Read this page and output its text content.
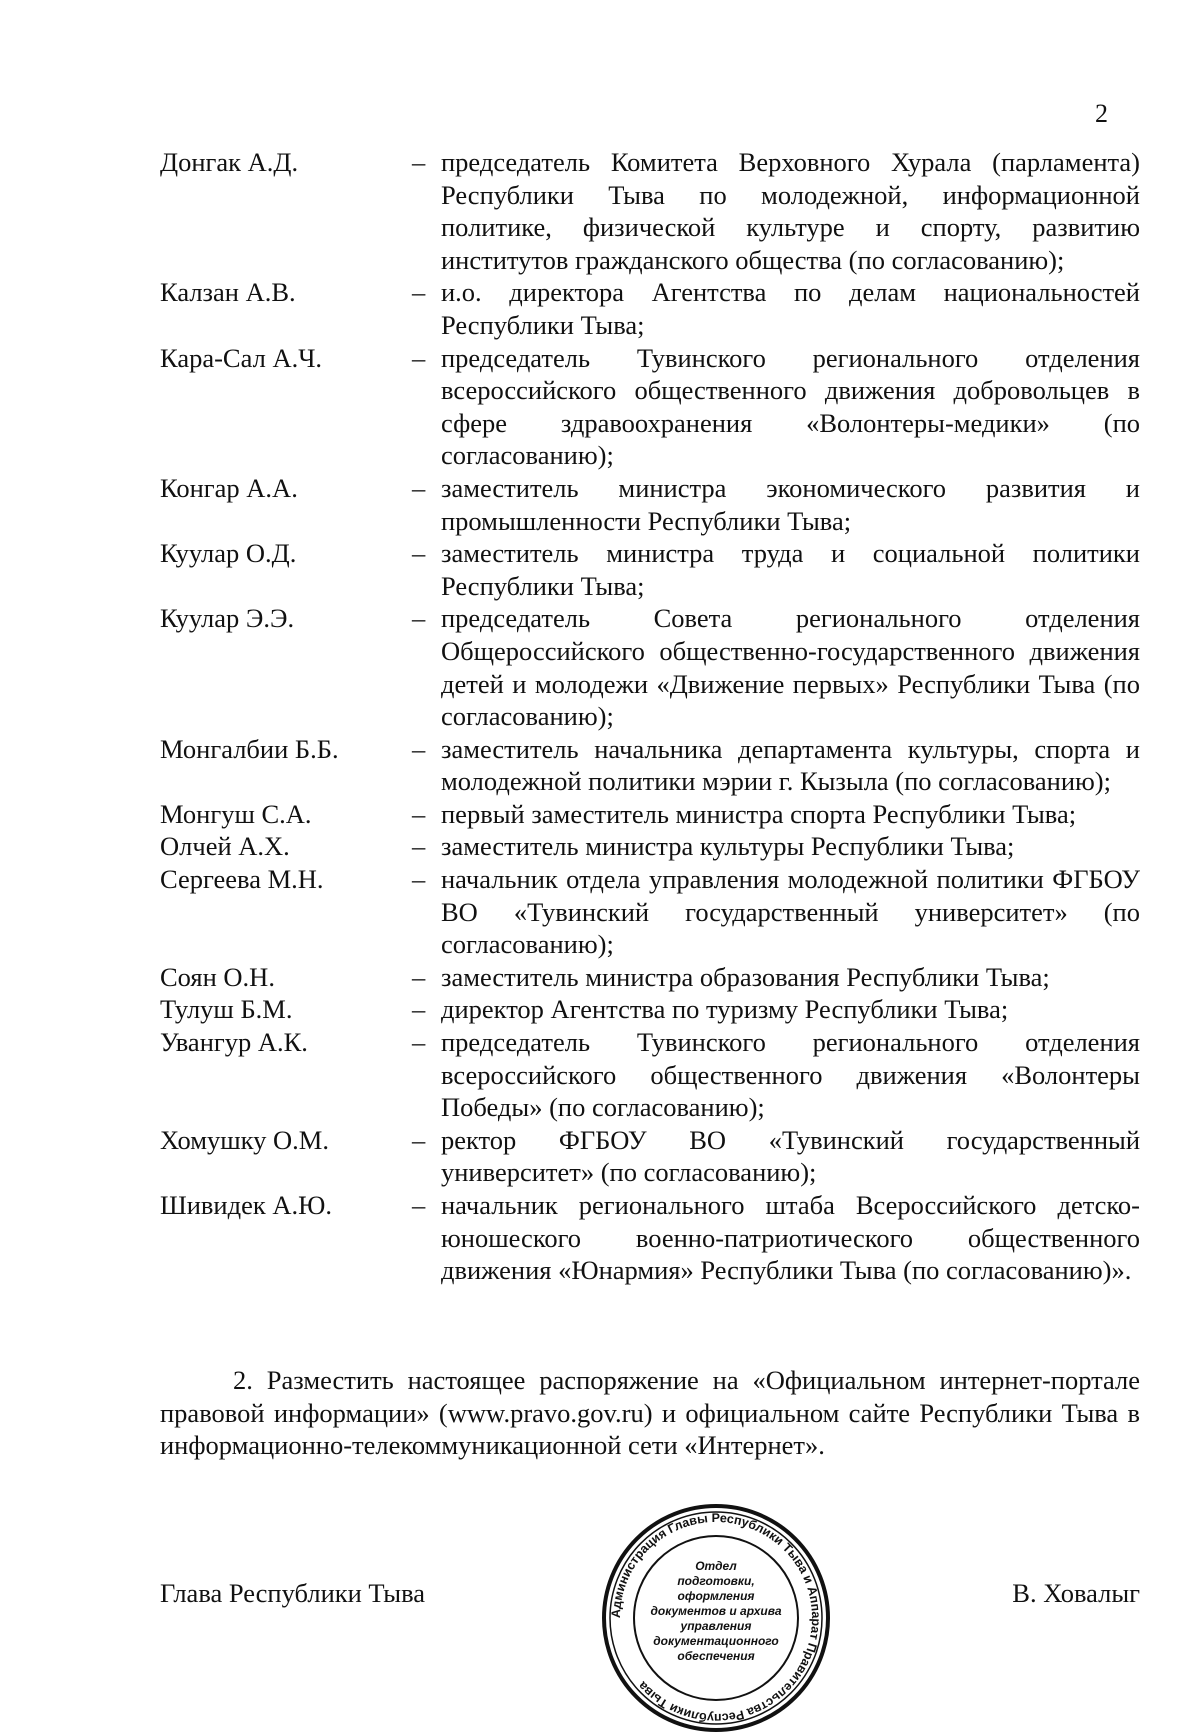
2
Донгак А.Д.	– председатель Комитета Верховного Хурала (парламента) Республики Тыва по молодежной, информационной политике, физической культуре и спорту, развитию институтов гражданского общества (по согласованию);
Калзан А.В.	– и.о. директора Агентства по делам национальностей Республики Тыва;
Кара-Сал А.Ч.	– председатель Тувинского регионального отделения всероссийского общественного движения добровольцев в сфере здравоохранения «Волонтеры-медики» (по согласованию);
Конгар А.А.	– заместитель министра экономического развития и промышленности Республики Тыва;
Куулар О.Д.	– заместитель министра труда и социальной политики Республики Тыва;
Куулар Э.Э.	– председатель Совета регионального отделения Общероссийского общественно-государственного движения детей и молодежи «Движение первых» Республики Тыва (по согласованию);
Монгалбии Б.Б.	– заместитель начальника департамента культуры, спорта и молодежной политики мэрии г. Кызыла (по согласованию);
Монгуш С.А.	– первый заместитель министра спорта Республики Тыва;
Олчей А.Х.	– заместитель министра культуры Республики Тыва;
Сергеева М.Н.	– начальник отдела управления молодежной политики ФГБОУ ВО «Тувинский государственный университет» (по согласованию);
Соян О.Н.	– заместитель министра образования Республики Тыва;
Тулуш Б.М.	– директор Агентства по туризму Республики Тыва;
Увангур А.К.	– председатель Тувинского регионального отделения всероссийского общественного движения «Волонтеры Победы» (по согласованию);
Хомушку О.М.	– ректор ФГБОУ ВО «Тувинский государственный университет» (по согласованию);
Шивидек А.Ю.	– начальник регионального штаба Всероссийского детско-юношеского военно-патриотического общественного движения «Юнармия» Республики Тыва (по согласованию)».
2. Разместить настоящее распоряжение на «Официальном интернет-портале правовой информации» (www.pravo.gov.ru) и официальном сайте Республики Тыва в информационно-телекоммуникационной сети «Интернет».
Глава Республики Тыва	В. Ховалыг
Администрация Главы Республики Тыва и Аппарат Правительства Республики Тыва
Отдел
подготовки,
оформления
документов и архива
управления
документационного
обеспечения
